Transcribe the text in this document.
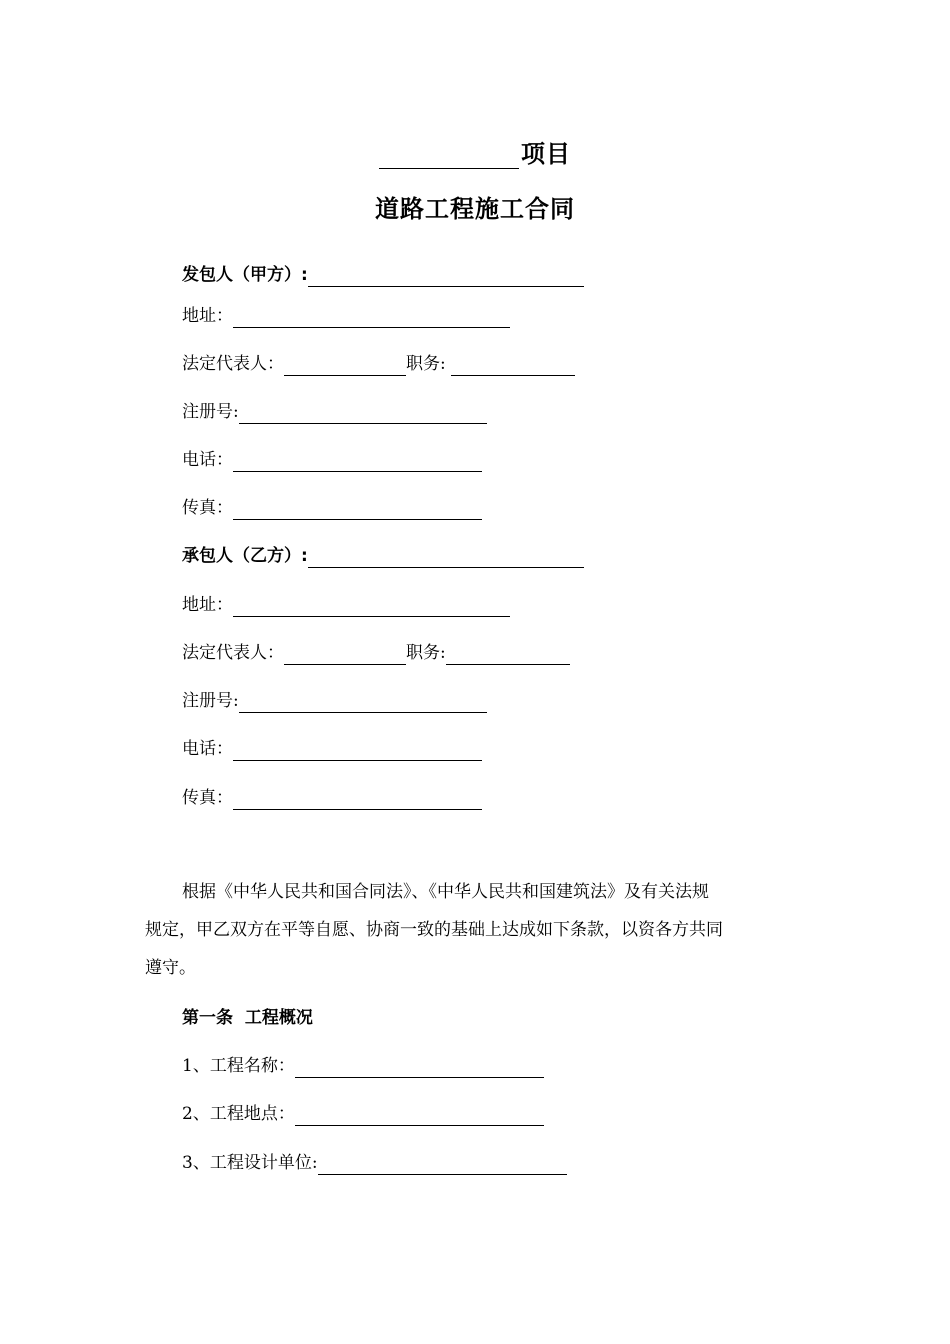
项目
道路工程施工合同
发包人（甲方）:
地址：
法定代表人：	职务:
注册号:
电话：
传真：
承包人（乙方）:
地址：
法定代表人：	职务:
注册号:
电话：
传真：
根据《中华人民共和国合同法》、《中华人民共和国建筑法》及有关法规
规定，甲乙双方在平等自愿、协商一致的基础上达成如下条款，以资各方共同
遵守。
第一条  工程概况
1、工程名称：
2、工程地点：
3、工程设计单位:
